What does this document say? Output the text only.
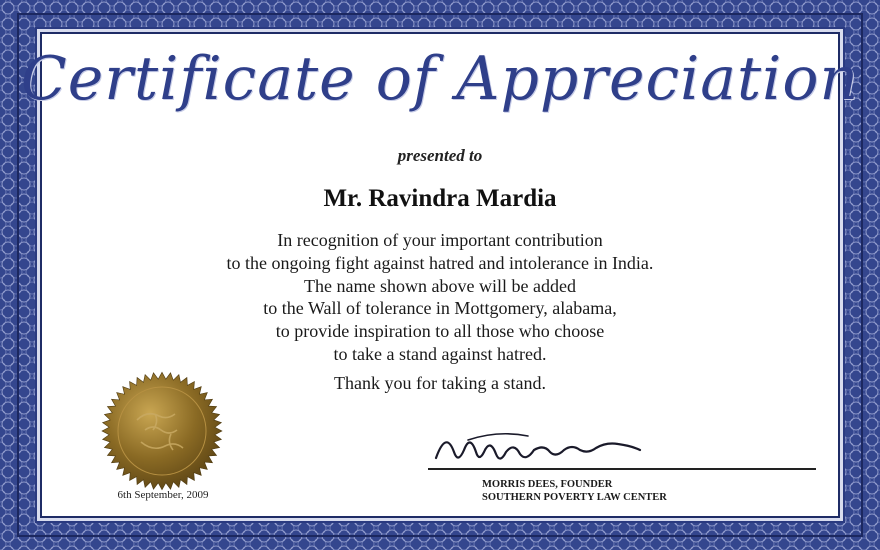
Certificate of Appreciation
presented to
Mr. Ravindra Mardia
In recognition of your important contribution
to the ongoing fight against hatred and intolerance in India.
The name shown above will be added
to the Wall of tolerance in Mottgomery, alabama,
to provide inspiration to all those who choose
to take a stand against hatred.
Thank you for taking a stand.
6th September, 2009
MORRIS DEES, FOUNDER
SOUTHERN POVERTY LAW CENTER
